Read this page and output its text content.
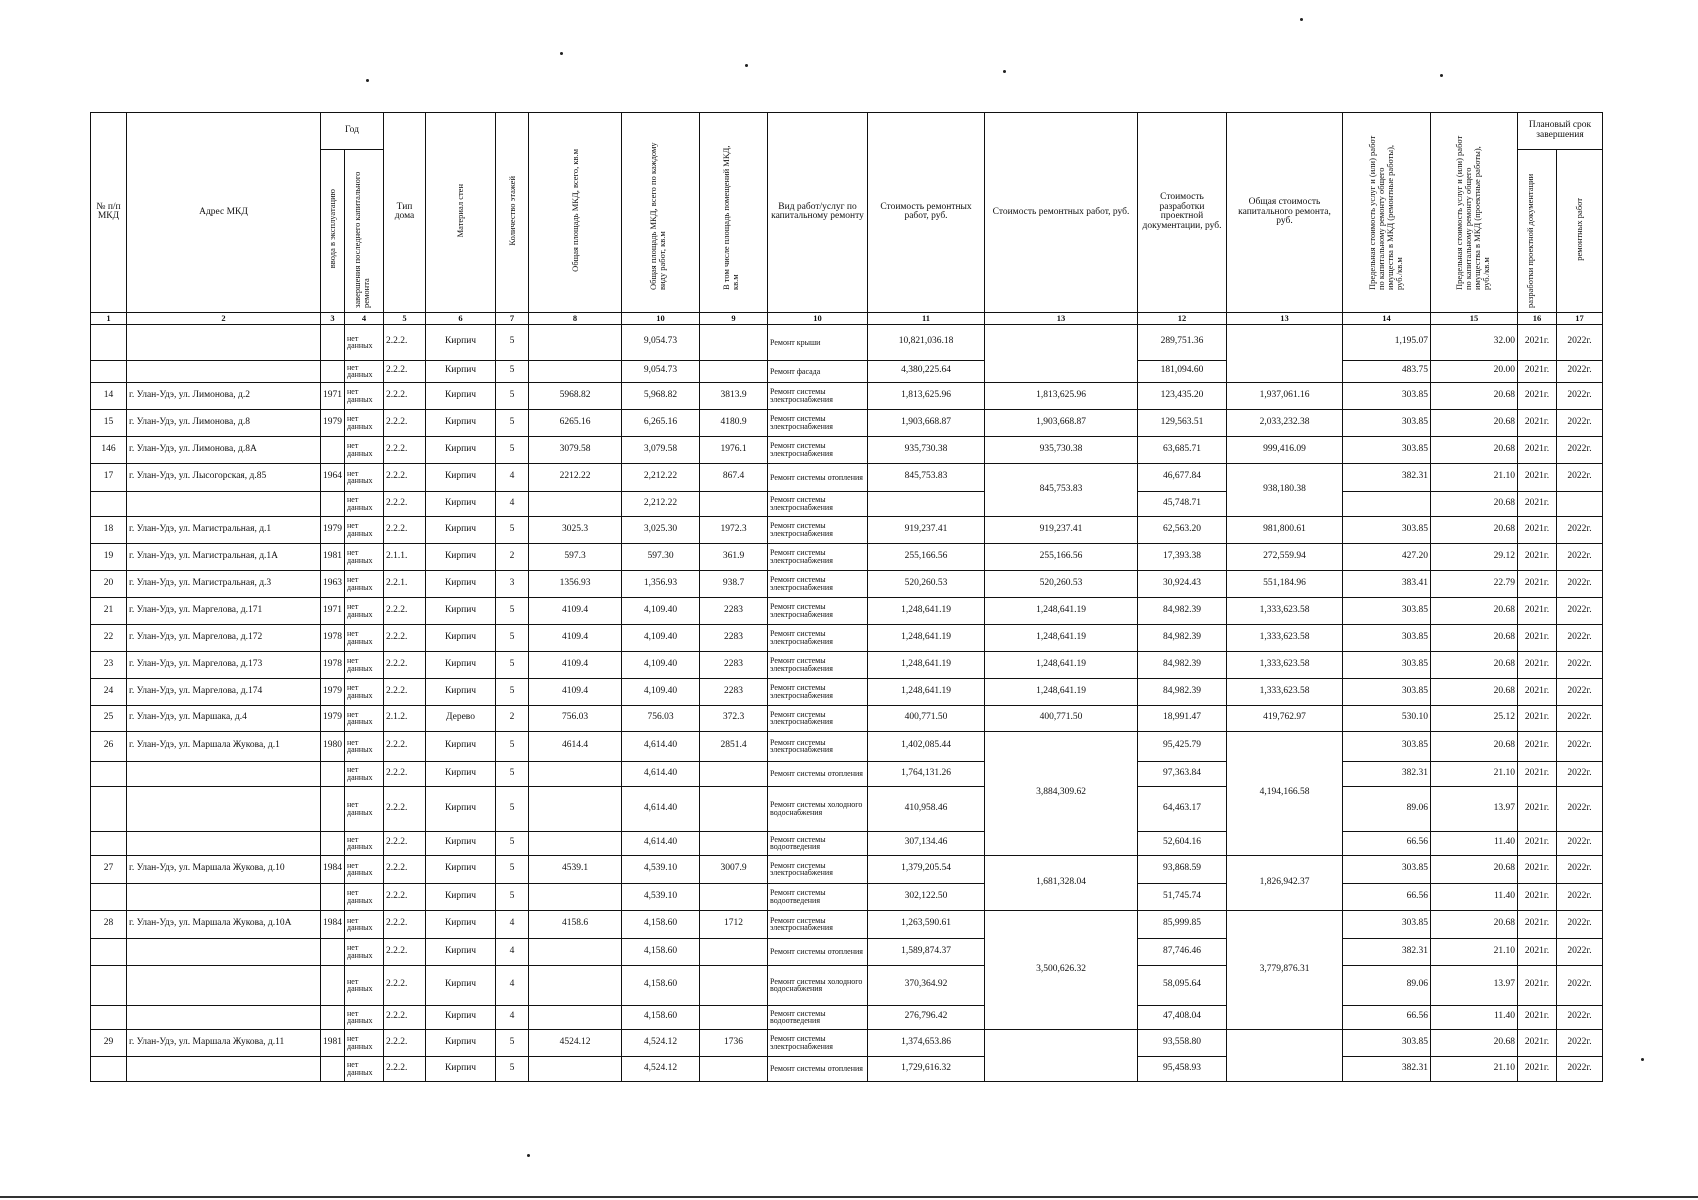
№ п/п МКД	Адрес МКД	Год		Тип дома	Материал стен	Количество этажей	Общая площадь МКД, всего, кв.м	Общая площадь МКД, всего по каждому виду работ, кв.м	В том числе площадь помещений МКД, кв.м	Вид работ/услуг по капитальному ремонту	Стоимость ремонтных работ, руб.	Стоимость ремонтных работ, руб.	Стоимость разработки проектной документации, руб.	Общая стоимость капитального ремонта, руб.	Предельная стоимость услуг и (или) работ по капитальному ремонту общего имущества в МКД (ремонтные работы), руб./кв.м	Предельная стоимость услуг и (или) работ по капитальному ремонту общего имущества в МКД (проектные работы), руб./кв.м	Плановый срок завершения	
		ввода в эксплуатацию	завершения последнего капитального ремонта														разработки проектной документации	ремонтных работ
1	2	3	4	5	6	7	8	10	9	10	11	13	12	13	14	15	16	17
			нет данных	2.2.2.	Кирпич	5		9,054.73		Ремонт крыши	10,821,036.18		289,751.36		1,195.07	32.00	2021г.	2022г.
			нет данных	2.2.2.	Кирпич	5		9,054.73		Ремонт фасада	4,380,225.64		181,094.60		483.75	20.00	2021г.	2022г.
14	г. Улан-Удэ, ул. Лимонова, д.2	1971	нет данных	2.2.2.	Кирпич	5	5968.82	5,968.82	3813.9	Ремонт системы электроснабжения	1,813,625.96	1,813,625.96	123,435.20	1,937,061.16	303.85	20.68	2021г.	2022г.
15	г. Улан-Удэ, ул. Лимонова, д.8	1979	нет данных	2.2.2.	Кирпич	5	6265.16	6,265.16	4180.9	Ремонт системы электроснабжения	1,903,668.87	1,903,668.87	129,563.51	2,033,232.38	303.85	20.68	2021г.	2022г.
146	г. Улан-Удэ, ул. Лимонова, д.8А		нет данных	2.2.2.	Кирпич	5	3079.58	3,079.58	1976.1	Ремонт системы электроснабжения	935,730.38	935,730.38	63,685.71	999,416.09	303.85	20.68	2021г.	2022г.
17	г. Улан-Удэ, ул. Лысогорская, д.85	1964	нет данных	2.2.2.	Кирпич	4	2212.22	2,212.22	867.4	Ремонт системы отопления	845,753.83	845,753.83	46,677.84	938,180.38	382.31	21.10	2021г.	2022г.
			нет данных	2.2.2.	Кирпич	4		2,212.22		Ремонт системы электроснабжения			45,748.71			20.68	2021г.	
18	г. Улан-Удэ, ул. Магистральная, д.1	1979	нет данных	2.2.2.	Кирпич	5	3025.3	3,025.30	1972.3	Ремонт системы электроснабжения	919,237.41	919,237.41	62,563.20	981,800.61	303.85	20.68	2021г.	2022г.
19	г. Улан-Удэ, ул. Магистральная, д.1А	1981	нет данных	2.1.1.	Кирпич	2	597.3	597.30	361.9	Ремонт системы электроснабжения	255,166.56	255,166.56	17,393.38	272,559.94	427.20	29.12	2021г.	2022г.
20	г. Улан-Удэ, ул. Магистральная, д.3	1963	нет данных	2.2.1.	Кирпич	3	1356.93	1,356.93	938.7	Ремонт системы электроснабжения	520,260.53	520,260.53	30,924.43	551,184.96	383.41	22.79	2021г.	2022г.
21	г. Улан-Удэ, ул. Маргелова, д.171	1971	нет данных	2.2.2.	Кирпич	5	4109.4	4,109.40	2283	Ремонт системы электроснабжения	1,248,641.19	1,248,641.19	84,982.39	1,333,623.58	303.85	20.68	2021г.	2022г.
22	г. Улан-Удэ, ул. Маргелова, д.172	1978	нет данных	2.2.2.	Кирпич	5	4109.4	4,109.40	2283	Ремонт системы электроснабжения	1,248,641.19	1,248,641.19	84,982.39	1,333,623.58	303.85	20.68	2021г.	2022г.
23	г. Улан-Удэ, ул. Маргелова, д.173	1978	нет данных	2.2.2.	Кирпич	5	4109.4	4,109.40	2283	Ремонт системы электроснабжения	1,248,641.19	1,248,641.19	84,982.39	1,333,623.58	303.85	20.68	2021г.	2022г.
24	г. Улан-Удэ, ул. Маргелова, д.174	1979	нет данных	2.2.2.	Кирпич	5	4109.4	4,109.40	2283	Ремонт системы электроснабжения	1,248,641.19	1,248,641.19	84,982.39	1,333,623.58	303.85	20.68	2021г.	2022г.
25	г. Улан-Удэ, ул. Маршака, д.4	1979	нет данных	2.1.2.	Дерево	2	756.03	756.03	372.3	Ремонт системы электроснабжения	400,771.50	400,771.50	18,991.47	419,762.97	530.10	25.12	2021г.	2022г.
26	г. Улан-Удэ, ул. Маршала Жукова, д.1	1980	нет данных	2.2.2.	Кирпич	5	4614.4	4,614.40	2851.4	Ремонт системы электроснабжения	1,402,085.44	3,884,309.62	95,425.79	4,194,166.58	303.85	20.68	2021г.	2022г.
			нет данных	2.2.2.	Кирпич	5		4,614.40		Ремонт системы отопления	1,764,131.26		97,363.84		382.31	21.10	2021г.	2022г.
			нет данных	2.2.2.	Кирпич	5		4,614.40		Ремонт системы холодного водоснабжения	410,958.46		64,463.17		89.06	13.97	2021г.	2022г.
			нет данных	2.2.2.	Кирпич	5		4,614.40		Ремонт системы водоотведения	307,134.46		52,604.16		66.56	11.40	2021г.	2022г.
27	г. Улан-Удэ, ул. Маршала Жукова, д.10	1984	нет данных	2.2.2.	Кирпич	5	4539.1	4,539.10	3007.9	Ремонт системы электроснабжения	1,379,205.54	1,681,328.04	93,868.59	1,826,942.37	303.85	20.68	2021г.	2022г.
			нет данных	2.2.2.	Кирпич	5		4,539.10		Ремонт системы водоотведения	302,122.50		51,745.74		66.56	11.40	2021г.	2022г.
28	г. Улан-Удэ, ул. Маршала Жукова, д.10А	1984	нет данных	2.2.2.	Кирпич	4	4158.6	4,158.60	1712	Ремонт системы электроснабжения	1,263,590.61	3,500,626.32	85,999.85	3,779,876.31	303.85	20.68	2021г.	2022г.
			нет данных	2.2.2.	Кирпич	4		4,158.60		Ремонт системы отопления	1,589,874.37		87,746.46		382.31	21.10	2021г.	2022г.
			нет данных	2.2.2.	Кирпич	4		4,158.60		Ремонт системы холодного водоснабжения	370,364.92		58,095.64		89.06	13.97	2021г.	2022г.
			нет данных	2.2.2.	Кирпич	4		4,158.60		Ремонт системы водоотведения	276,796.42		47,408.04		66.56	11.40	2021г.	2022г.
29	г. Улан-Удэ, ул. Маршала Жукова, д.11	1981	нет данных	2.2.2.	Кирпич	5	4524.12	4,524.12	1736	Ремонт системы электроснабжения	1,374,653.86		93,558.80		303.85	20.68	2021г.	2022г.
			нет данных	2.2.2.	Кирпич	5		4,524.12		Ремонт системы отопления	1,729,616.32		95,458.93		382.31	21.10	2021г.	2022г.
